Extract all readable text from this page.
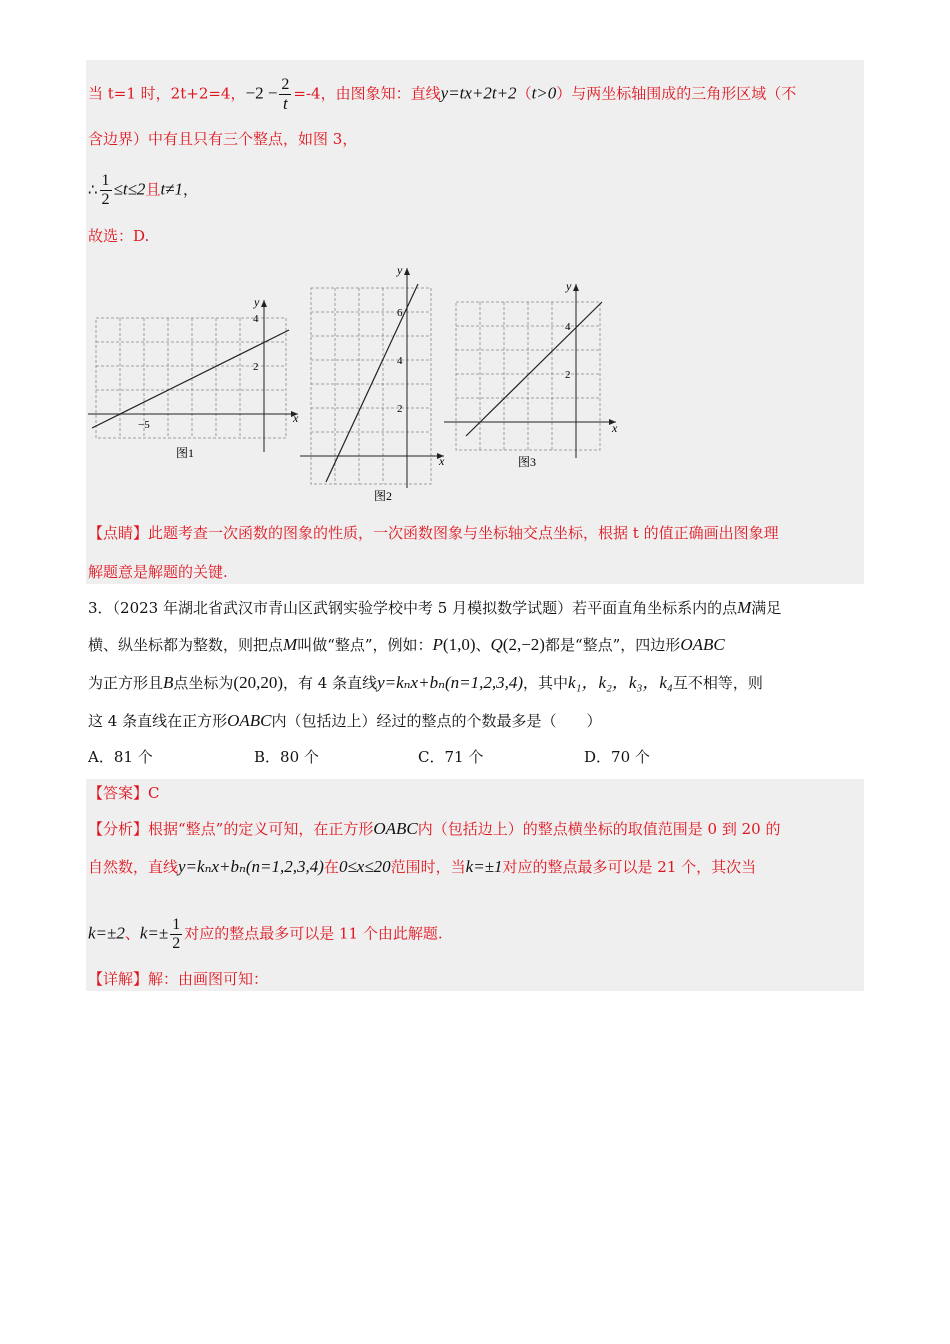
当 t=1 时，2t+2=4，$-2 - \frac{2}{t} =-4$，由图象知：直线y=tx+2t+2（t>0）与两坐标轴围成的三角形区域（不
含边界）中有且只有三个整点，如图 3，
∴ $\frac{1}{2} \le t\le 2$且t≠1，
故选：D.
x
y
4
2
−5
图1
x
y
6
4
2
图2
x
y
4
2
图3
【点睛】此题考查一次函数的图象的性质，一次函数图象与坐标轴交点坐标，根据 t 的值正确画出图象理
解题意是解题的关键.
3．（2023 年湖北省武汉市青山区武钢实验学校中考 5 月模拟数学试题）若平面直角坐标系内的点M满足
横、纵坐标都为整数，则把点M叫做“整点”，例如：P(1,0)、Q(2,−2)都是“整点”，四边形OABC
为正方形且B点坐标为(20,20)，有 4 条直线y=kₙx+bₙ(n=1,2,3,4)，其中k₁，k₂，k₃，k₄互不相等，则
这 4 条直线在正方形OABC内（包括边上）经过的整点的个数最多是（　　）
A．81 个	B．80 个	C．71 个	D．70 个
【答案】C
【分析】根据“整点”的定义可知，在正方形OABC内（包括边上）的整点横坐标的取值范围是 0 到 20 的
自然数，直线y=kₙx+bₙ(n=1,2,3,4)在0≤x≤20范围时，当k=±1对应的整点最多可以是 21 个，其次当
k=±2、$k=\pm \frac{1}{2}$ 对应的整点最多可以是 11 个由此解题.
【详解】解：由画图可知：
